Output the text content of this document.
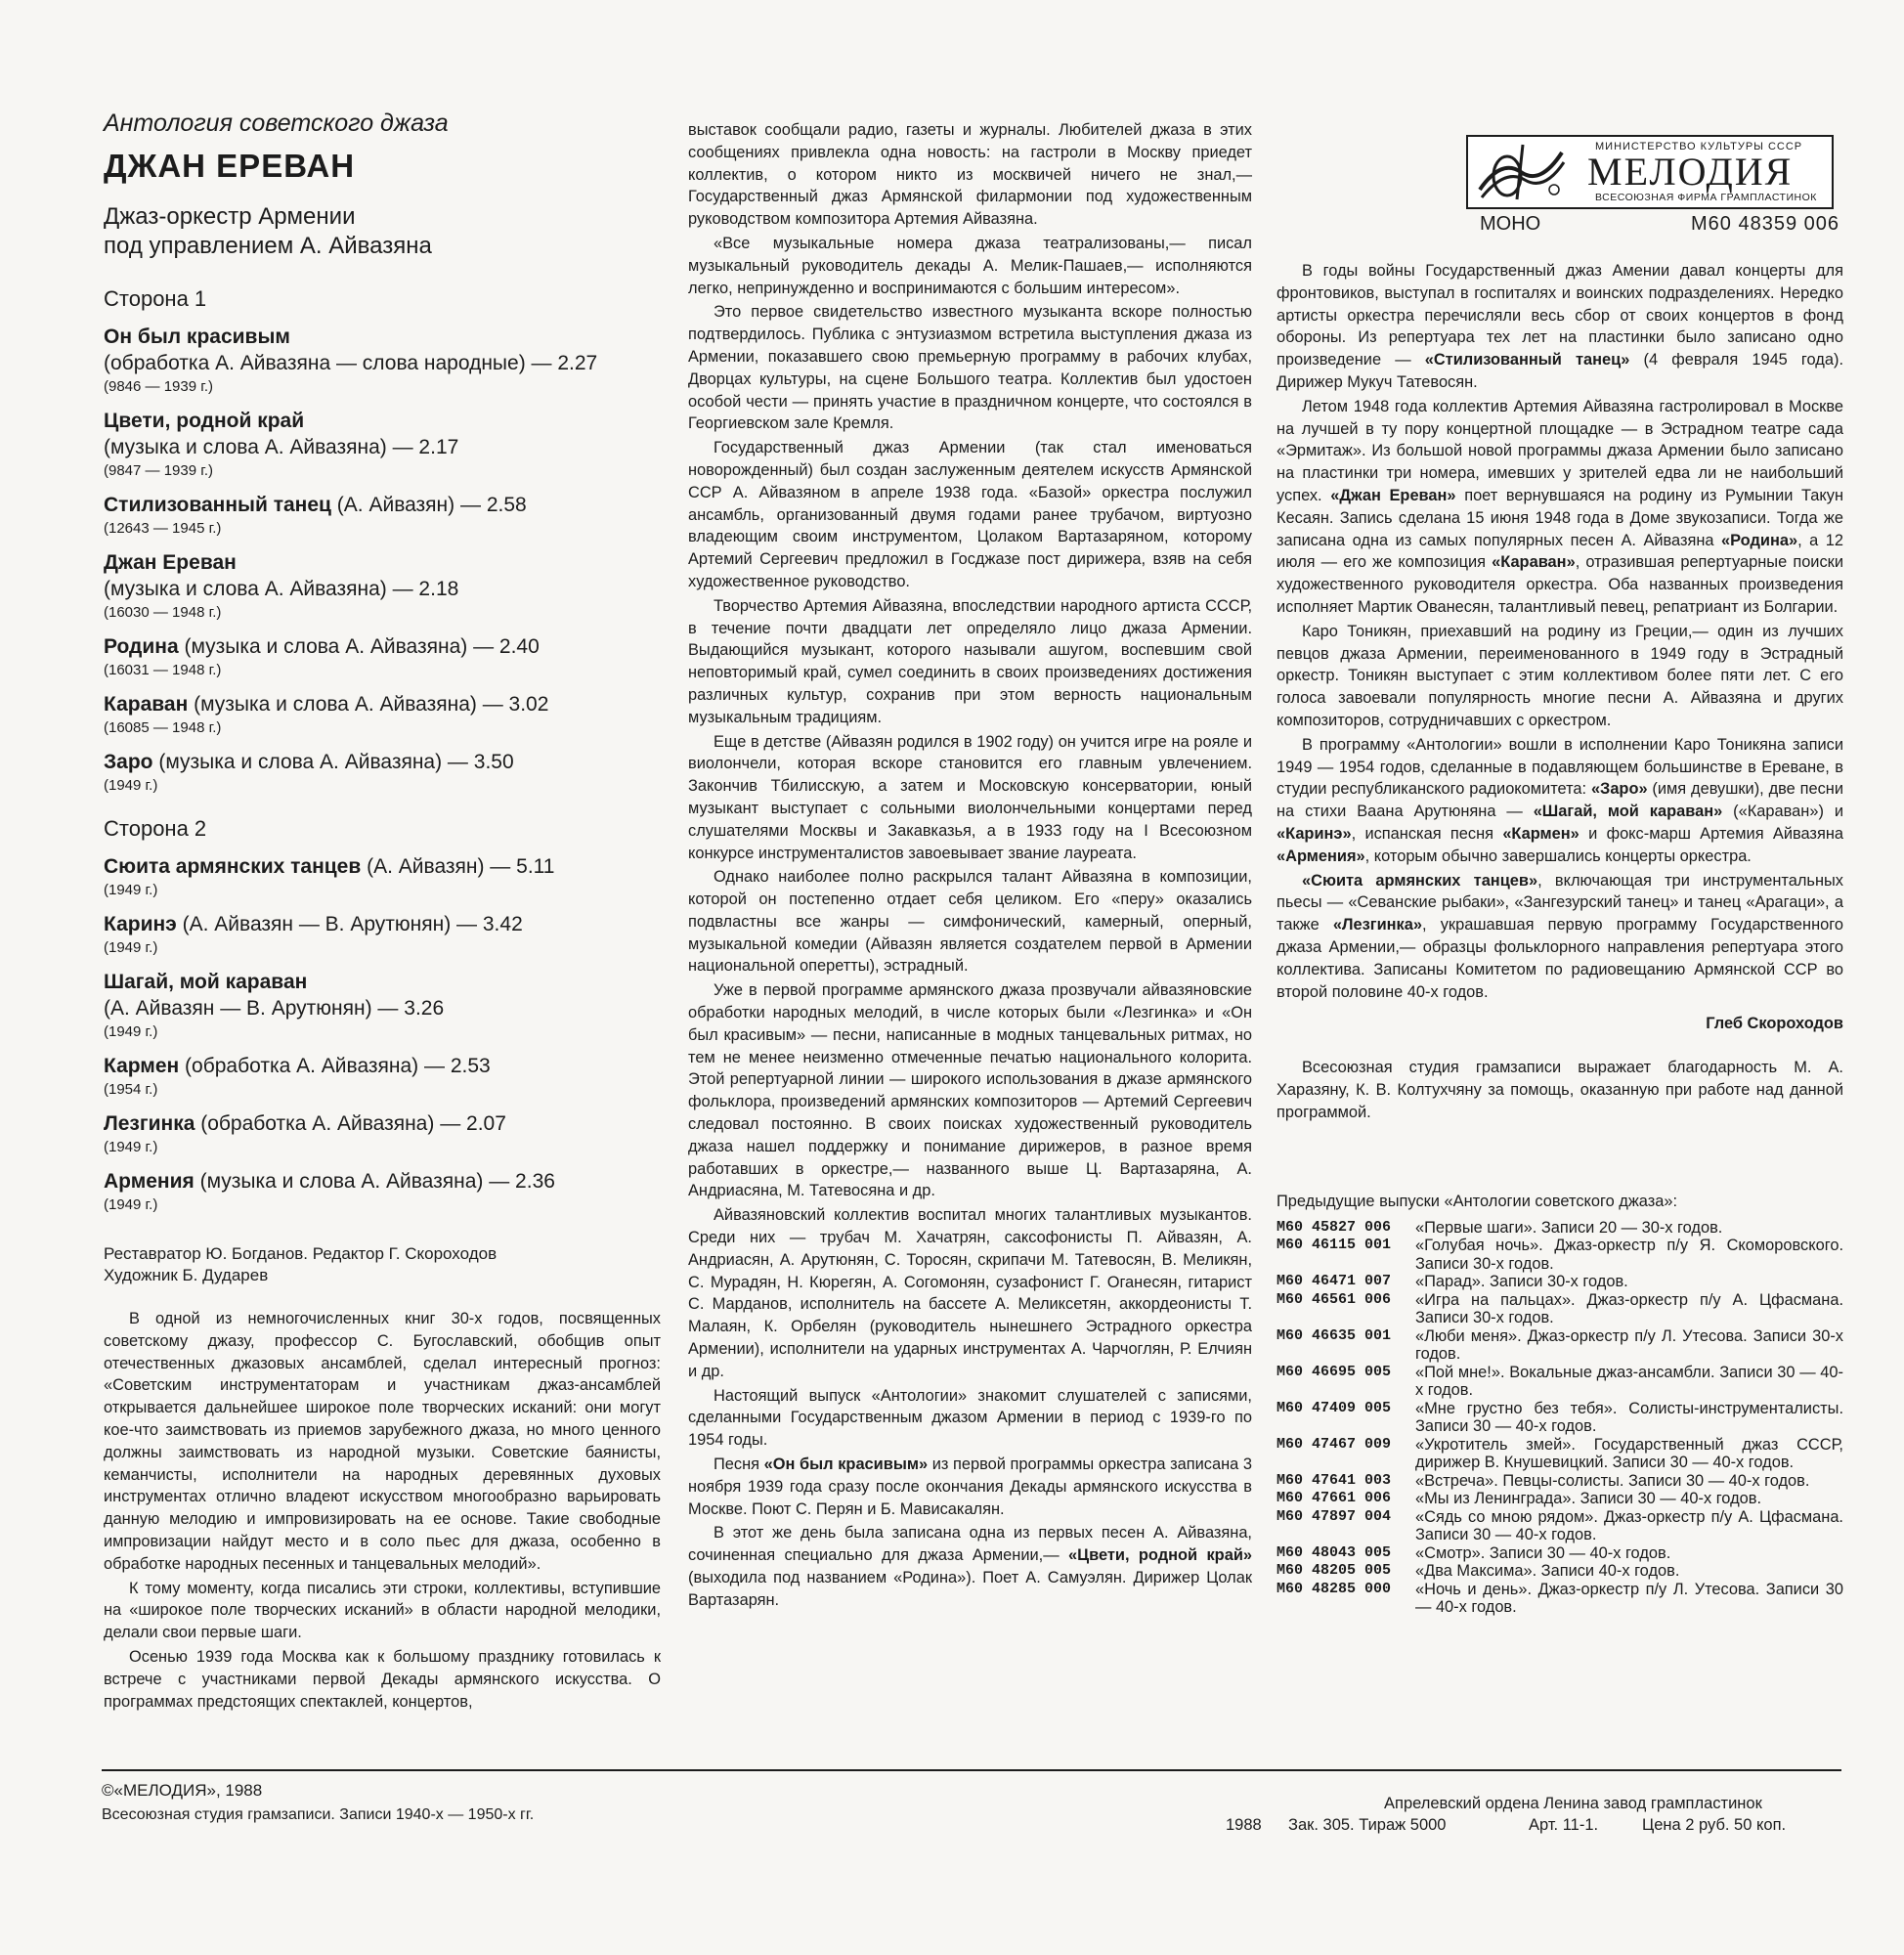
Антология советского джаза
ДЖАН ЕРЕВАН
Джаз-оркестр Армении
под управлением А. Айвазяна
Сторона 1
Он был красивым
(обработка А. Айвазяна — слова народные) — 2.27
(9846 — 1939 г.)
Цвети, родной край
(музыка и слова А. Айвазяна) — 2.17
(9847 — 1939 г.)
Стилизованный танец (А. Айвазян) — 2.58
(12643 — 1945 г.)
Джан Ереван
(музыка и слова А. Айвазяна) — 2.18
(16030 — 1948 г.)
Родина (музыка и слова А. Айвазяна) — 2.40
(16031 — 1948 г.)
Караван (музыка и слова А. Айвазяна) — 3.02
(16085 — 1948 г.)
Заро (музыка и слова А. Айвазяна) — 3.50
(1949 г.)
Сторона 2
Сюита армянских танцев (А. Айвазян) — 5.11
(1949 г.)
Каринэ (А. Айвазян — В. Арутюнян) — 3.42
(1949 г.)
Шагай, мой караван
(А. Айвазян — В. Арутюнян) — 3.26
(1949 г.)
Кармен (обработка А. Айвазяна) — 2.53
(1954 г.)
Лезгинка (обработка А. Айвазяна) — 2.07
(1949 г.)
Армения (музыка и слова А. Айвазяна) — 2.36
(1949 г.)
Реставратор Ю. Богданов. Редактор Г. Скороходов
Художник Б. Дударев

В одной из немногочисленных книг 30-х годов, посвященных советскому джазу, профессор С. Бугославский, обобщив опыт отечественных джазовых ансамблей, сделал интересный прогноз: «Советским инструментаторам и участникам джаз-ансамблей открывается дальнейшее широкое поле творческих исканий: они могут кое-что заимствовать из приемов зарубежного джаза, но много ценного должны заимствовать из народной музыки. Советские баянисты, кеманчисты, исполнители на народных деревянных духовых инструментах отлично владеют искусством многообразно варьировать данную мелодию и импровизировать на ее основе. Такие свободные импровизации найдут место и в соло пьес для джаза, особенно в обработке народных песенных и танцевальных мелодий».

К тому моменту, когда писались эти строки, коллективы, вступившие на «широкое поле творческих исканий» в области народной мелодики, делали свои первые шаги.

Осенью 1939 года Москва как к большому празднику готовилась к встрече с участниками первой Декады армянского искусства. О программах предстоящих спектаклей, концертов,

выставок сообщали радио, газеты и журналы. Любителей джаза в этих сообщениях привлекла одна новость: на гастроли в Москву приедет коллектив, о котором никто из москвичей ничего не знал,— Государственный джаз Армянской филармонии под художественным руководством композитора Артемия Айвазяна.

«Все музыкальные номера джаза театрализованы,— писал музыкальный руководитель декады А. Мелик-Пашаев,— исполняются легко, непринужденно и воспринимаются с большим интересом».

Это первое свидетельство известного музыканта вскоре полностью подтвердилось. Публика с энтузиазмом встретила выступления джаза из Армении, показавшего свою премьерную программу в рабочих клубах, Дворцах культуры, на сцене Большого театра. Коллектив был удостоен особой чести — принять участие в праздничном концерте, что состоялся в Георгиевском зале Кремля.

Государственный джаз Армении (так стал именоваться новорожденный) был создан заслуженным деятелем искусств Армянской ССР А. Айвазяном в апреле 1938 года. «Базой» оркестра послужил ансамбль, организованный двумя годами ранее трубачом, виртуозно владеющим своим инструментом, Цолаком Вартазаряном, которому Артемий Сергеевич предложил в Госджазе пост дирижера, взяв на себя художественное руководство.

Творчество Артемия Айвазяна, впоследствии народного артиста СССР, в течение почти двадцати лет определяло лицо джаза Армении. Выдающийся музыкант, которого называли ашугом, воспевшим свой неповторимый край, сумел соединить в своих произведениях достижения различных культур, сохранив при этом верность национальным музыкальным традициям.

Еще в детстве (Айвазян родился в 1902 году) он учится игре на рояле и виолончели, которая вскоре становится его главным увлечением. Закончив Тбилисскую, а затем и Московскую консерватории, юный музыкант выступает с сольными виолончельными концертами перед слушателями Москвы и Закавказья, а в 1933 году на I Всесоюзном конкурсе инструменталистов завоевывает звание лауреата.

Однако наиболее полно раскрылся талант Айвазяна в композиции, которой он постепенно отдает себя целиком. Его «перу» оказались подвластны все жанры — симфонический, камерный, оперный, музыкальной комедии (Айвазян является создателем первой в Армении национальной оперетты), эстрадный.

Уже в первой программе армянского джаза прозвучали айвазяновские обработки народных мелодий, в числе которых были «Лезгинка» и «Он был красивым» — песни, написанные в модных танцевальных ритмах, но тем не менее неизменно отмеченные печатью национального колорита. Этой репертуарной линии — широкого использования в джазе армянского фольклора, произведений армянских композиторов — Артемий Сергеевич следовал постоянно. В своих поисках художественный руководитель джаза нашел поддержку и понимание дирижеров, в разное время работавших в оркестре,— названного выше Ц. Вартазаряна, А. Андриасяна, М. Татевосяна и др.

Айвазяновский коллектив воспитал многих талантливых музыкантов. Среди них — трубач М. Хачатрян, саксофонисты П. Айвазян, А. Андриасян, А. Арутюнян, С. Торосян, скрипачи М. Татевосян, В. Меликян, С. Мурадян, Н. Кюрегян, А. Согомонян, сузафонист Г. Оганесян, гитарист С. Марданов, исполнитель на бассете А. Меликсетян, аккордеонисты Т. Малаян, К. Орбелян (руководитель нынешнего Эстрадного оркестра Армении), исполнители на ударных инструментах А. Чарчоглян, Р. Елчиян и др.

Настоящий выпуск «Антологии» знакомит слушателей с записями, сделанными Государственным джазом Армении в период с 1939-го по 1954 годы.

Песня «Он был красивым» из первой программы оркестра записана 3 ноября 1939 года сразу после окончания Декады армянского искусства в Москве. Поют С. Перян и Б. Мависакалян.

В этот же день была записана одна из первых песен А. Айвазяна, сочиненная специально для джаза Армении,— «Цвети, родной край» (выходила под названием «Родина»). Поет А. Самуэлян. Дирижер Цолак Вартазарян.

МИНИСТЕРСТВО КУЛЬТУРЫ СССР
МЕЛОДИЯ
ВСЕСОЮЗНАЯ ФИРМА ГРАМПЛАСТИНОК
МОНО	М60 48359 006

В годы войны Государственный джаз Амении давал концерты для фронтовиков, выступал в госпиталях и воинских подразделениях. Нередко артисты оркестра перечисляли весь сбор от своих концертов в фонд обороны. Из репертуара тех лет на пластинки было записано одно произведение — «Стилизованный танец» (4 февраля 1945 года). Дирижер Мукуч Татевосян.

Летом 1948 года коллектив Артемия Айвазяна гастролировал в Москве на лучшей в ту пору концертной площадке — в Эстрадном театре сада «Эрмитаж». Из большой новой программы джаза Армении было записано на пластинки три номера, имевших у зрителей едва ли не наибольший успех. «Джан Ереван» поет вернувшаяся на родину из Румынии Такун Кесаян. Запись сделана 15 июня 1948 года в Доме звукозаписи. Тогда же записана одна из самых популярных песен А. Айвазяна «Родина», а 12 июля — его же композиция «Караван», отразившая репертуарные поиски художественного руководителя оркестра. Оба названных произведения исполняет Мартик Ованесян, талантливый певец, репатриант из Болгарии.

Каро Тоникян, приехавший на родину из Греции,— один из лучших певцов джаза Армении, переименованного в 1949 году в Эстрадный оркестр. Тоникян выступает с этим коллективом более пяти лет. С его голоса завоевали популярность многие песни А. Айвазяна и других композиторов, сотрудничавших с оркестром.

В программу «Антологии» вошли в исполнении Каро Тоникяна записи 1949 — 1954 годов, сделанные в подавляющем большинстве в Ереване, в студии республиканского радиокомитета: «Заро» (имя девушки), две песни на стихи Ваана Арутюняна — «Шагай, мой караван» («Караван») и «Каринэ», испанская песня «Кармен» и фокс-марш Артемия Айвазяна «Армения», которым обычно завершались концерты оркестра.

«Сюита армянских танцев», включающая три инструментальных пьесы — «Севанские рыбаки», «Зангезурский танец» и танец «Арагаци», а также «Лезгинка», украшавшая первую программу Государственного джаза Армении,— образцы фольклорного направления репертуара этого коллектива. Записаны Комитетом по радиовещанию Армянской ССР во второй половине 40-х годов.

Глеб Скороходов

Всесоюзная студия грамзаписи выражает благодарность М. А. Харазяну, К. В. Колтухчяну за помощь, оказанную при работе над данной программой.

Предыдущие выпуски «Антологии советского джаза»:
М60 45827 006	«Первые шаги». Записи 20 — 30-х годов.
М60 46115 001	«Голубая ночь». Джаз-оркестр п/у Я. Скоморовского. Записи 30-х годов.
М60 46471 007	«Парад». Записи 30-х годов.
М60 46561 006	«Игра на пальцах». Джаз-оркестр п/у А. Цфасмана. Записи 30-х годов.
М60 46635 001	«Люби меня». Джаз-оркестр п/у Л. Утесова. Записи 30-х годов.
М60 46695 005	«Пой мне!». Вокальные джаз-ансамбли. Записи 30 — 40-х годов.
М60 47409 005	«Мне грустно без тебя». Солисты-инструменталисты. Записи 30 — 40-х годов.
М60 47467 009	«Укротитель змей». Государственный джаз СССР, дирижер В. Кнушевицкий. Записи 30 — 40-х годов.
М60 47641 003	«Встреча». Певцы-солисты. Записи 30 — 40-х годов.
М60 47661 006	«Мы из Ленинграда». Записи 30 — 40-х годов.
М60 47897 004	«Сядь со мною рядом». Джаз-оркестр п/у А. Цфасмана. Записи 30 — 40-х годов.
М60 48043 005	«Смотр». Записи 30 — 40-х годов.
М60 48205 005	«Два Максима». Записи 40-х годов.
М60 48285 000	«Ночь и день». Джаз-оркестр п/у Л. Утесова. Записи 30 — 40-х годов.
©«МЕЛОДИЯ», 1988
Всесоюзная студия грамзаписи. Записи 1940-х — 1950-х гг.
Апрелевский ордена Ленина завод грампластинок
1988 Зак. 305. Тираж 5000	Арт. 11-1.	Цена 2 руб. 50 коп.
